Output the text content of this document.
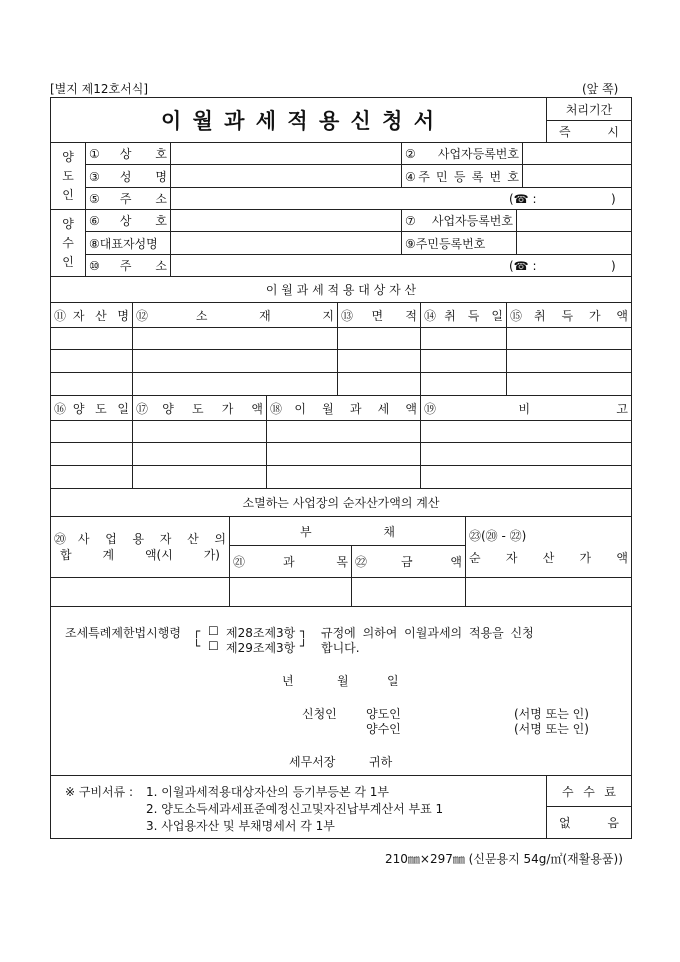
[별지 제12호서식]	(앞 쪽)
이 월 과 세 적 용 신 청 서	처리기간
즉 시
양
도
인
①상 호	②사업자등록번호
③성 명	④주 민 등 록 번 호
⑤주 소	(☎ :	)
양
수
인
⑥상 호	⑦사업자등록번호
⑧대표자성명	⑨주민등록번호
⑩주 소	(☎ :	)
이 월 과 세 적 용 대 상 자 산
⑪자 산 명 ⑫소 재 지 ⑬면 적 ⑭취 득 일 ⑮취 득 가 액
⑯양 도 일 ⑰양 도 가 액 ⑱이 월 과 세 액 ⑲비 고
소멸하는 사업장의 순자산가액의 계산
⑳사 업 용 자 산 의
합 계 액(시 가)
부 채
㉑과 목 ㉒금 액
㉓(⑳ - ㉒)
순 자 산 가 액
조세특례제한법시행령 ┌
└
☐ 제28조제3항
☐ 제29조제3항
┐
┘
규정에 의하여 이월과세의 적용을 신청
합니다.
년	월	일
신청인 양도인
양수인
(서명 또는 인)
(서명 또는 인)
세무서장	귀하
※ 구비서류 : 1. 이월과세적용대상자산의 등기부등본 각 1부
2. 양도소득세과세표준예정신고및자진납부계산서 부표 1
3. 사업용자산 및 부채명세서 각 1부
수 수 료
없 음
210㎜×297㎜ (신문용지 54g/㎡(재활용품))
